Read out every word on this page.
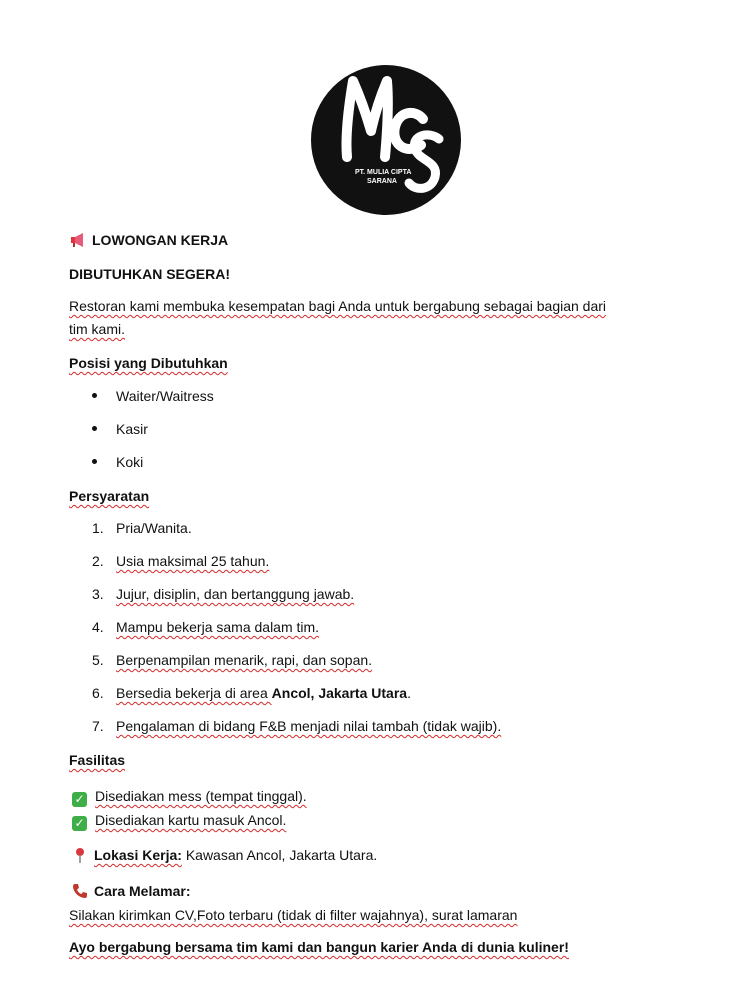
PT. MULIA CIPTA
SARANA
LOWONGAN KERJA
DIBUTUHKAN SEGERA!
Restoran kami membuka kesempatan bagi Anda untuk bergabung sebagai bagian dari
tim kami.
Posisi yang Dibutuhkan
Waiter/Waitress
Kasir
Koki
Persyaratan
1. Pria/Wanita.
2. Usia maksimal 25 tahun.
3. Jujur, disiplin, dan bertanggung jawab.
4. Mampu bekerja sama dalam tim.
5. Berpenampilan menarik, rapi, dan sopan.
6. Bersedia bekerja di area Ancol, Jakarta Utara.
7. Pengalaman di bidang F&B menjadi nilai tambah (tidak wajib).
Fasilitas
✓ Disediakan mess (tempat tinggal).
✓ Disediakan kartu masuk Ancol.
Lokasi Kerja: Kawasan Ancol, Jakarta Utara.
Cara Melamar:
Silakan kirimkan CV,Foto terbaru (tidak di filter wajahnya), surat lamaran
Ayo bergabung bersama tim kami dan bangun karier Anda di dunia kuliner!
